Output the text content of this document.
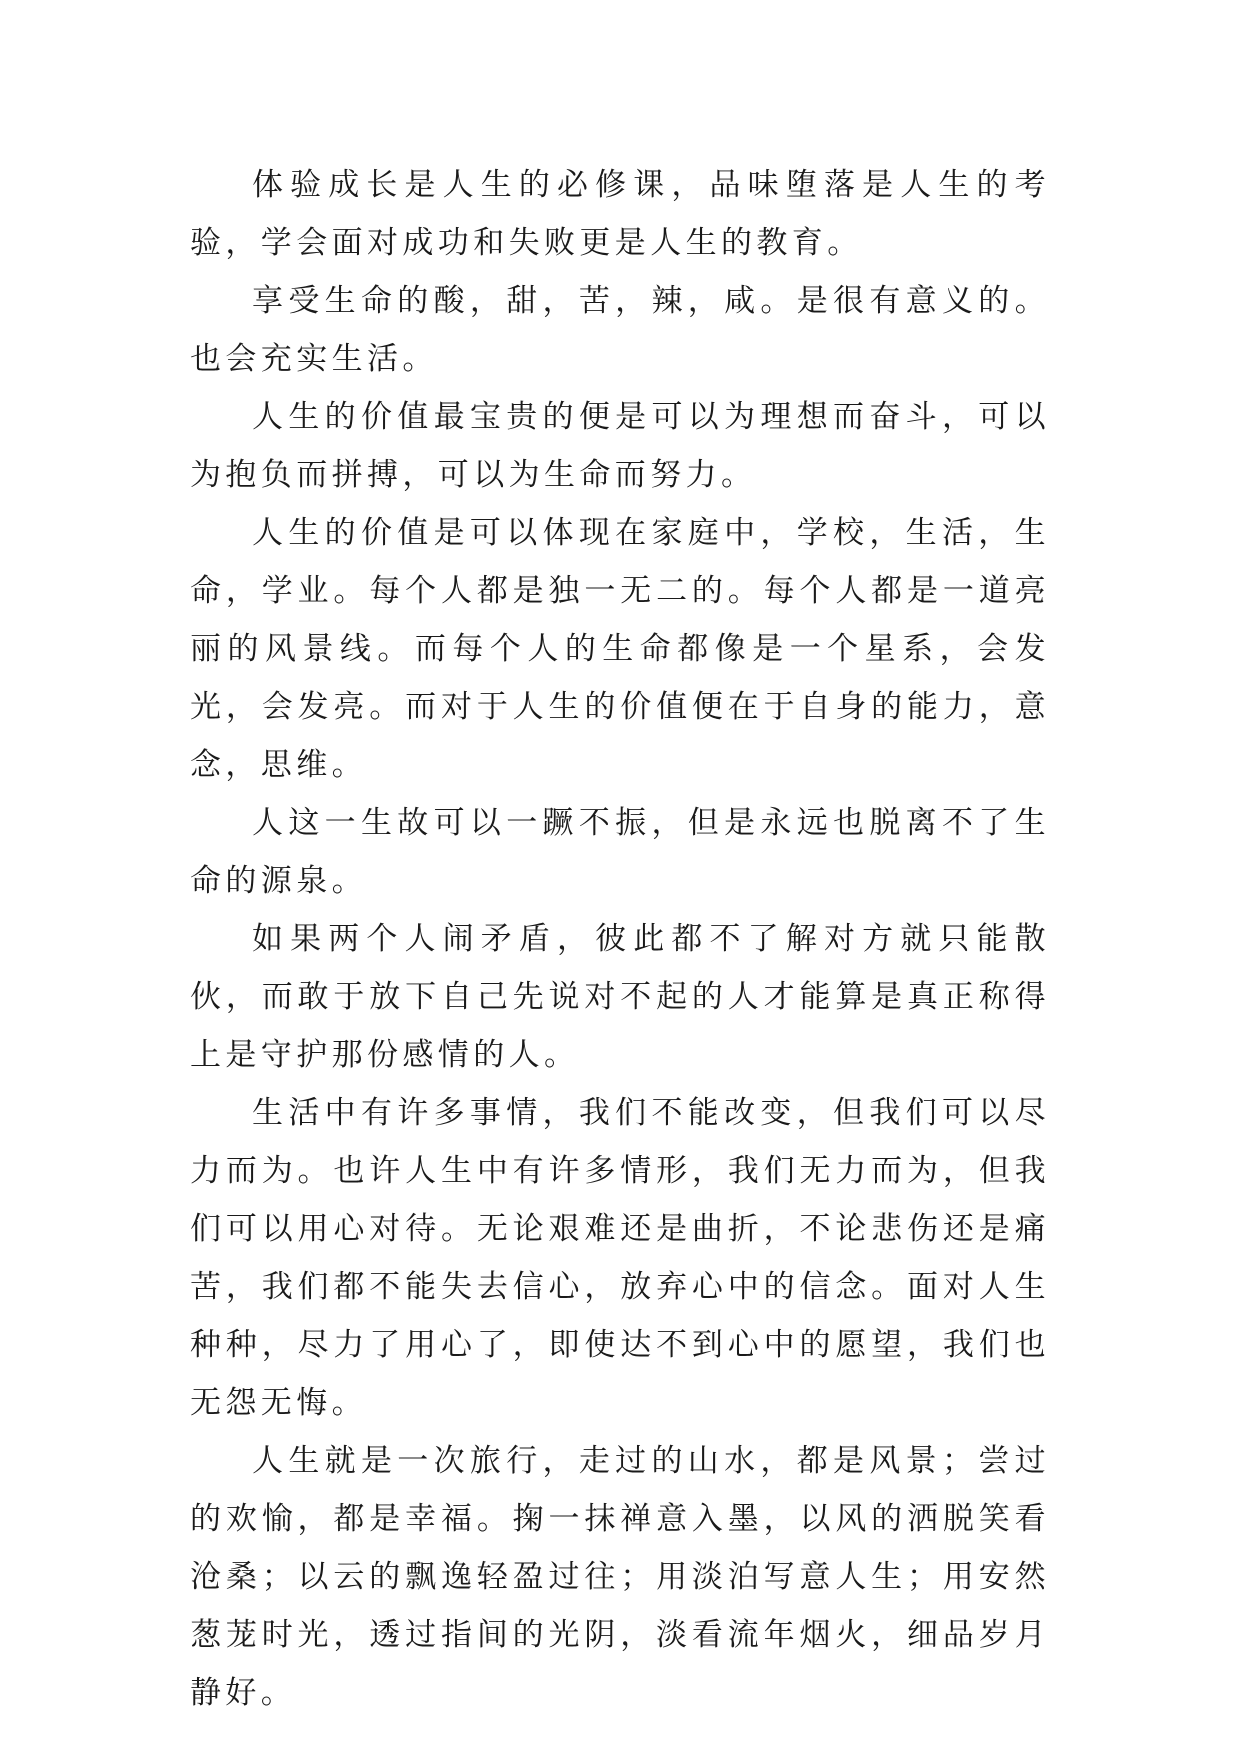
体验成长是人生的必修课，品味堕落是人生的考验，学会面对成功和失败更是人生的教育。

享受生命的酸，甜，苦，辣，咸。是很有意义的。也会充实生活。

人生的价值最宝贵的便是可以为理想而奋斗，可以为抱负而拼搏，可以为生命而努力。

人生的价值是可以体现在家庭中，学校，生活，生命，学业。每个人都是独一无二的。每个人都是一道亮丽的风景线。而每个人的生命都像是一个星系，会发光，会发亮。而对于人生的价值便在于自身的能力，意念，思维。

人这一生故可以一蹶不振，但是永远也脱离不了生命的源泉。

如果两个人闹矛盾，彼此都不了解对方就只能散伙，而敢于放下自己先说对不起的人才能算是真正称得上是守护那份感情的人。

生活中有许多事情，我们不能改变，但我们可以尽力而为。也许人生中有许多情形，我们无力而为，但我们可以用心对待。无论艰难还是曲折，不论悲伤还是痛苦，我们都不能失去信心，放弃心中的信念。面对人生种种，尽力了用心了，即使达不到心中的愿望，我们也无怨无悔。

人生就是一次旅行，走过的山水，都是风景；尝过的欢愉，都是幸福。掬一抹禅意入墨，以风的洒脱笑看沧桑；以云的飘逸轻盈过往；用淡泊写意人生；用安然葱茏时光，透过指间的光阴，淡看流年烟火，细品岁月静好。
